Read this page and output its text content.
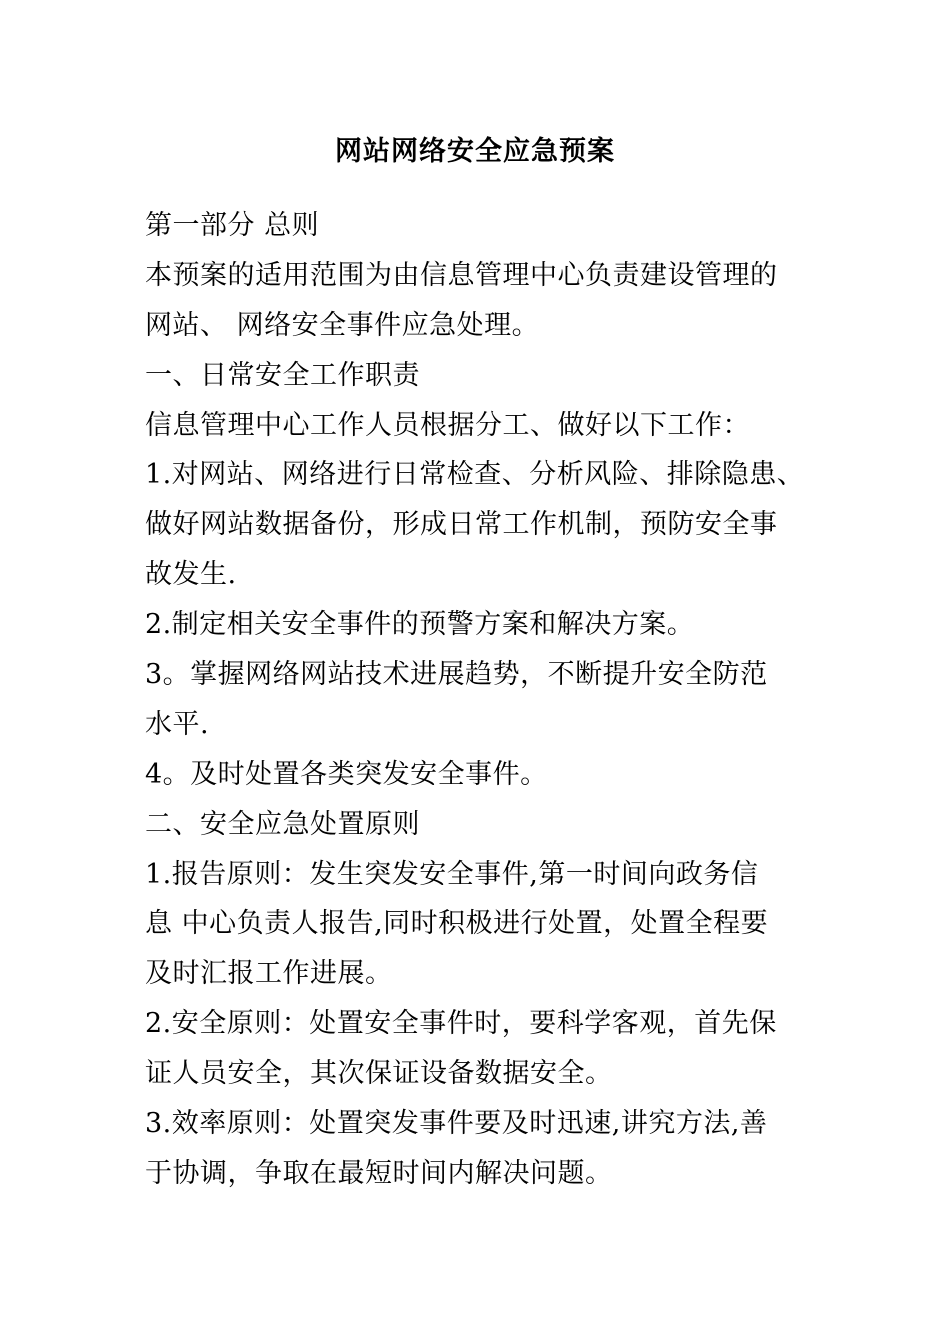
网站网络安全应急预案
第一部分 总则
本预案的适用范围为由信息管理中心负责建设管理的
网站、 网络安全事件应急处理。
一、日常安全工作职责
信息管理中心工作人员根据分工、做好以下工作：
1.对网站、网络进行日常检查、分析风险、排除隐患、
做好网站数据备份，形成日常工作机制，预防安全事
故发生.
2.制定相关安全事件的预警方案和解决方案。
3。掌握网络网站技术进展趋势，不断提升安全防范
水平.
4。及时处置各类突发安全事件。
二、安全应急处置原则
1.报告原则：发生突发安全事件,第一时间向政务信
息 中心负责人报告,同时积极进行处置，处置全程要
及时汇报工作进展。
2.安全原则：处置安全事件时，要科学客观，首先保
证人员安全，其次保证设备数据安全。
3.效率原则：处置突发事件要及时迅速,讲究方法,善
于协调，争取在最短时间内解决问题。
